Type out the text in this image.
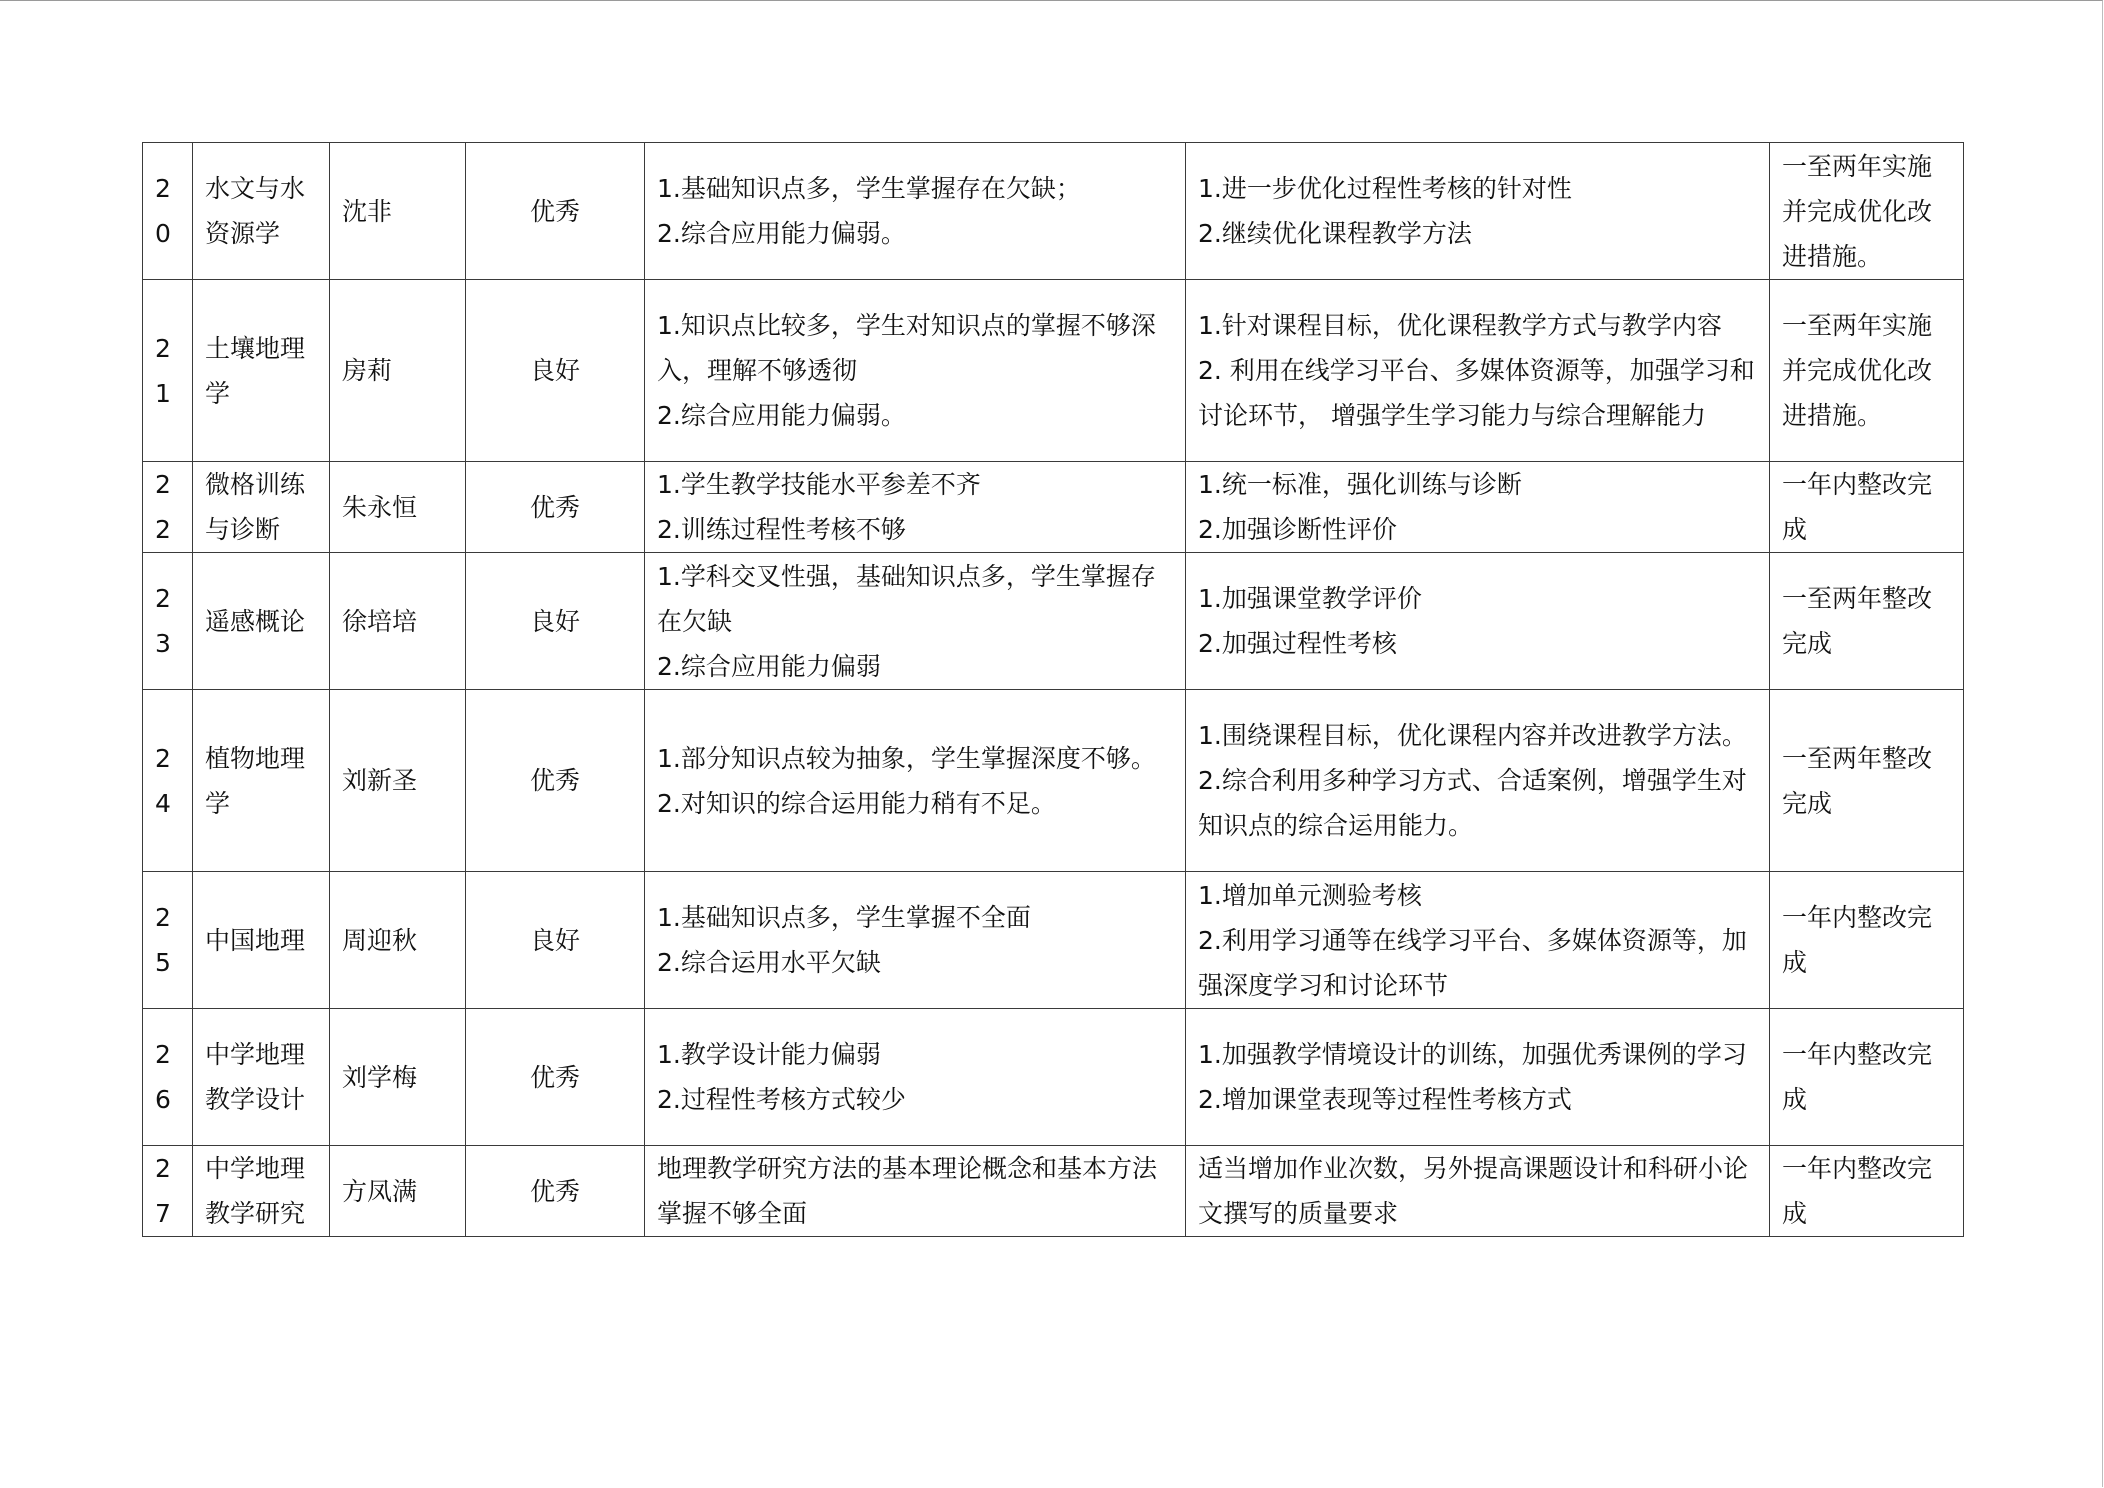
20	水文与水资源学	沈非	优秀	1.基础知识点多，学生掌握存在欠缺；
2.综合应用能力偏弱。	1.进一步优化过程性考核的针对性
2.继续优化课程教学方法	一至两年实施并完成优化改进措施。

21	土壤地理学	房莉	良好	1.知识点比较多，学生对知识点的掌握不够深入，理解不够透彻
2.综合应用能力偏弱。	1.针对课程目标，优化课程教学方式与教学内容
2. 利用在线学习平台、多媒体资源等，加强学习和讨论环节， 增强学生学习能力与综合理解能力	一至两年实施并完成优化改进措施。

22	微格训练与诊断	朱永恒	优秀	1.学生教学技能水平参差不齐
2.训练过程性考核不够	1.统一标准，强化训练与诊断
2.加强诊断性评价	一年内整改完成

23	遥感概论	徐培培	良好	1.学科交叉性强，基础知识点多，学生掌握存在欠缺
2.综合应用能力偏弱	1.加强课堂教学评价
2.加强过程性考核	一至两年整改完成

24	植物地理学	刘新圣	优秀	1.部分知识点较为抽象，学生掌握深度不够。
2.对知识的综合运用能力稍有不足。	1.围绕课程目标，优化课程内容并改进教学方法。
2.综合利用多种学习方式、合适案例，增强学生对知识点的综合运用能力。	一至两年整改完成

25	中国地理	周迎秋	良好	1.基础知识点多，学生掌握不全面
2.综合运用水平欠缺	1.增加单元测验考核
2.利用学习通等在线学习平台、多媒体资源等，加强深度学习和讨论环节	一年内整改完成

26	中学地理教学设计	刘学梅	优秀	1.教学设计能力偏弱
2.过程性考核方式较少	1.加强教学情境设计的训练，加强优秀课例的学习
2.增加课堂表现等过程性考核方式	一年内整改完成

27	中学地理教学研究	方凤满	优秀	地理教学研究方法的基本理论概念和基本方法掌握不够全面	适当增加作业次数，另外提高课题设计和科研小论文撰写的质量要求	一年内整改完成
